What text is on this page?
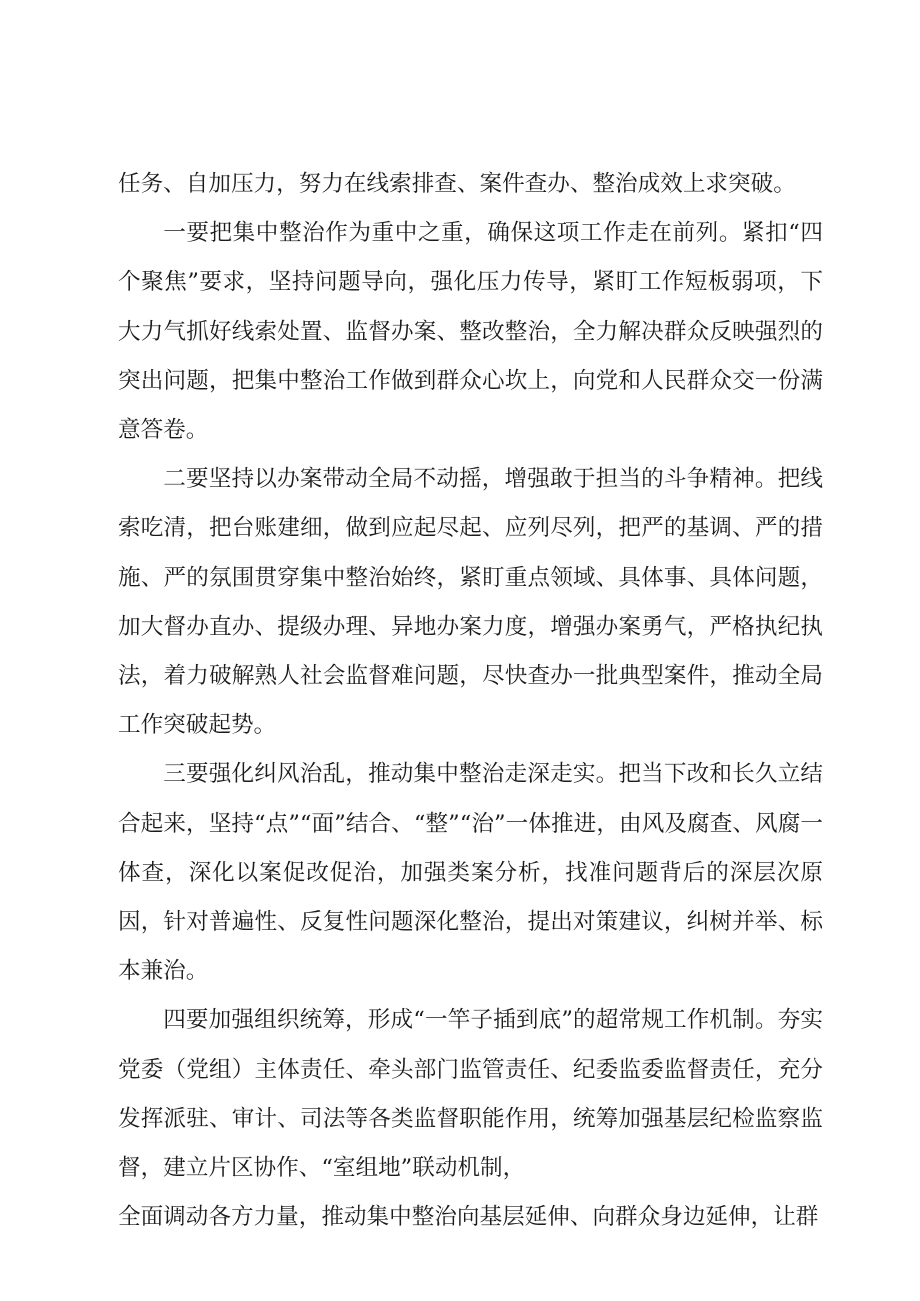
任务、自加压力，努力在线索排查、案件查办、整治成效上求突破。

一要把集中整治作为重中之重，确保这项工作走在前列。紧扣“四个聚焦”要求，坚持问题导向，强化压力传导，紧盯工作短板弱项，下大力气抓好线索处置、监督办案、整改整治，全力解决群众反映强烈的突出问题，把集中整治工作做到群众心坎上，向党和人民群众交一份满意答卷。

二要坚持以办案带动全局不动摇，增强敢于担当的斗争精神。把线索吃清，把台账建细，做到应起尽起、应列尽列，把严的基调、严的措施、严的氛围贯穿集中整治始终，紧盯重点领域、具体事、具体问题，加大督办直办、提级办理、异地办案力度，增强办案勇气，严格执纪执法，着力破解熟人社会监督难问题，尽快查办一批典型案件，推动全局工作突破起势。

三要强化纠风治乱，推动集中整治走深走实。把当下改和长久立结合起来，坚持“点”“面”结合、“整”“治”一体推进，由风及腐查、风腐一体查，深化以案促改促治，加强类案分析，找准问题背后的深层次原因，针对普遍性、反复性问题深化整治，提出对策建议，纠树并举、标本兼治。

四要加强组织统筹，形成“一竿子插到底”的超常规工作机制。夯实党委（党组）主体责任、牵头部门监管责任、纪委监委监督责任，充分发挥派驻、审计、司法等各类监督职能作用，统筹加强基层纪检监察监督，建立片区协作、“室组地”联动机制，

全面调动各方力量，推动集中整治向基层延伸、向群众身边延伸，让群
